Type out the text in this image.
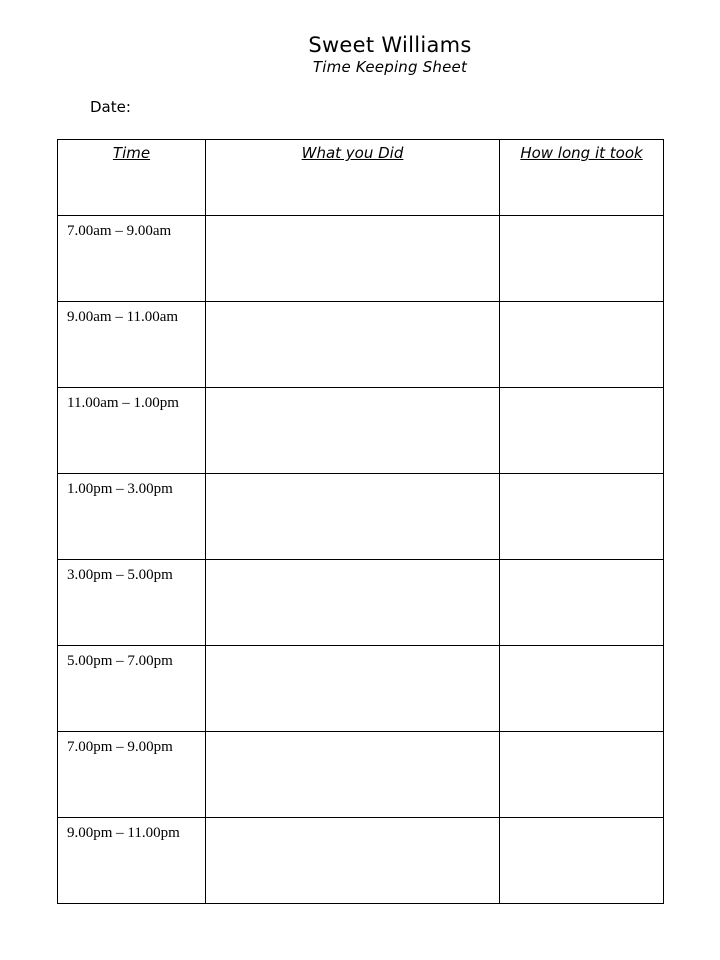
Sweet Williams
Time Keeping Sheet
Date:
Time	What you Did	How long it took
7.00am – 9.00am		
9.00am – 11.00am		
11.00am – 1.00pm		
1.00pm – 3.00pm		
3.00pm – 5.00pm		
5.00pm – 7.00pm		
7.00pm – 9.00pm		
9.00pm – 11.00pm		
